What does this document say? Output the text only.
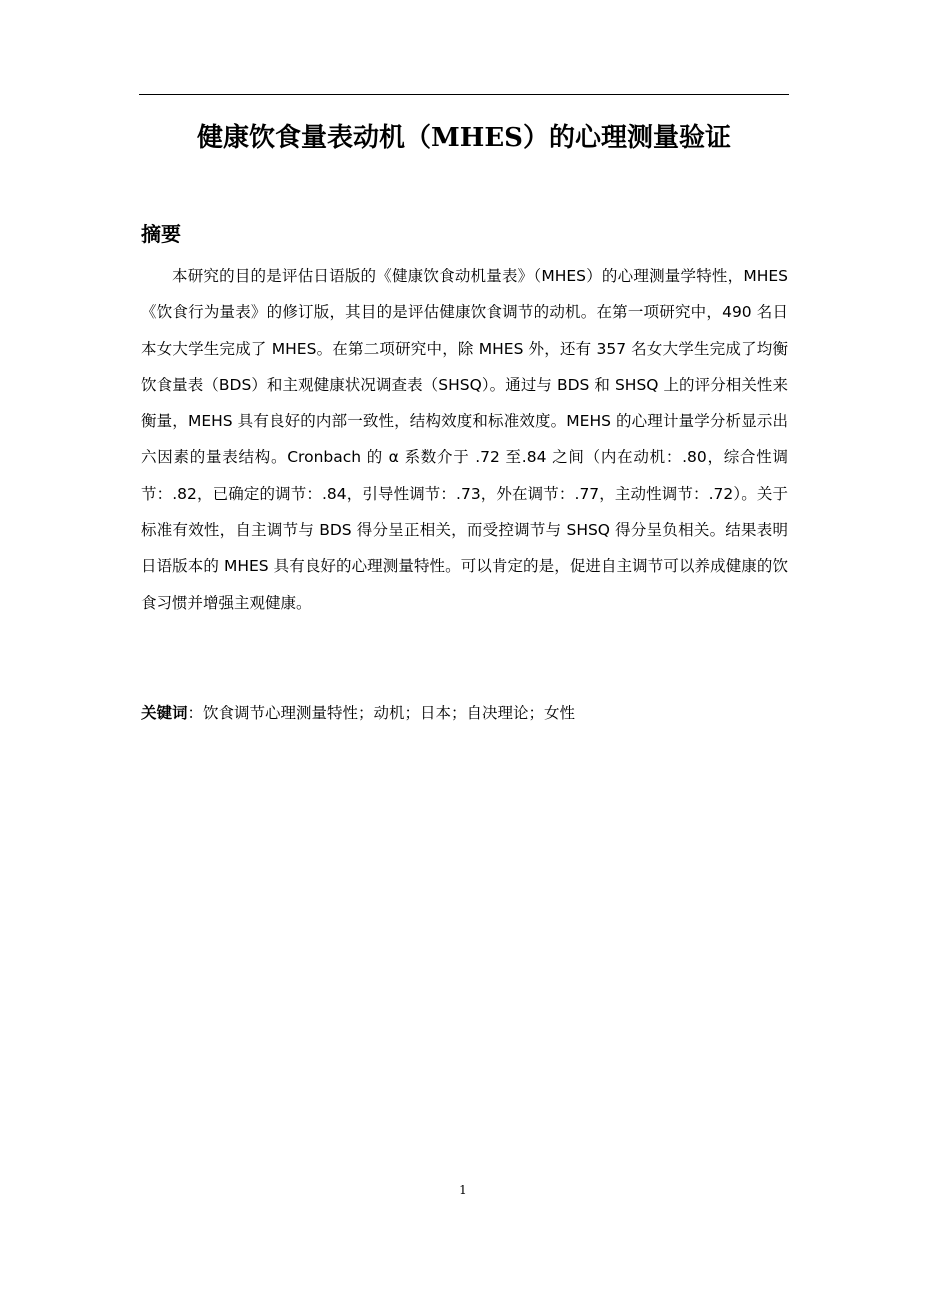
健康饮食量表动机（MHES）的心理测量验证
摘要

本研究的目的是评估日语版的《健康饮食动机量表》（MHES）的心理测量学特性，MHES《饮食行为量表》的修订版，其目的是评估健康饮食调节的动机。在第一项研究中，490 名日本女大学生完成了 MHES。在第二项研究中，除 MHES 外，还有 357 名女大学生完成了均衡饮食量表（BDS）和主观健康状况调查表（SHSQ）。通过与 BDS 和 SHSQ 上的评分相关性来衡量，MEHS 具有良好的内部一致性，结构效度和标准效度。MEHS 的心理计量学分析显示出六因素的量表结构。Cronbach 的 α 系数介于 .72 至.84 之间（内在动机：.80，综合性调节：.82，已确定的调节：.84，引导性调节：.73，外在调节：.77，主动性调节：.72）。关于标准有效性，自主调节与 BDS 得分呈正相关，而受控调节与 SHSQ 得分呈负相关。结果表明日语版本的 MHES 具有良好的心理测量特性。可以肯定的是，促进自主调节可以养成健康的饮食习惯并增强主观健康。

关键词：饮食调节心理测量特性；动机；日本；自决理论；女性

1
